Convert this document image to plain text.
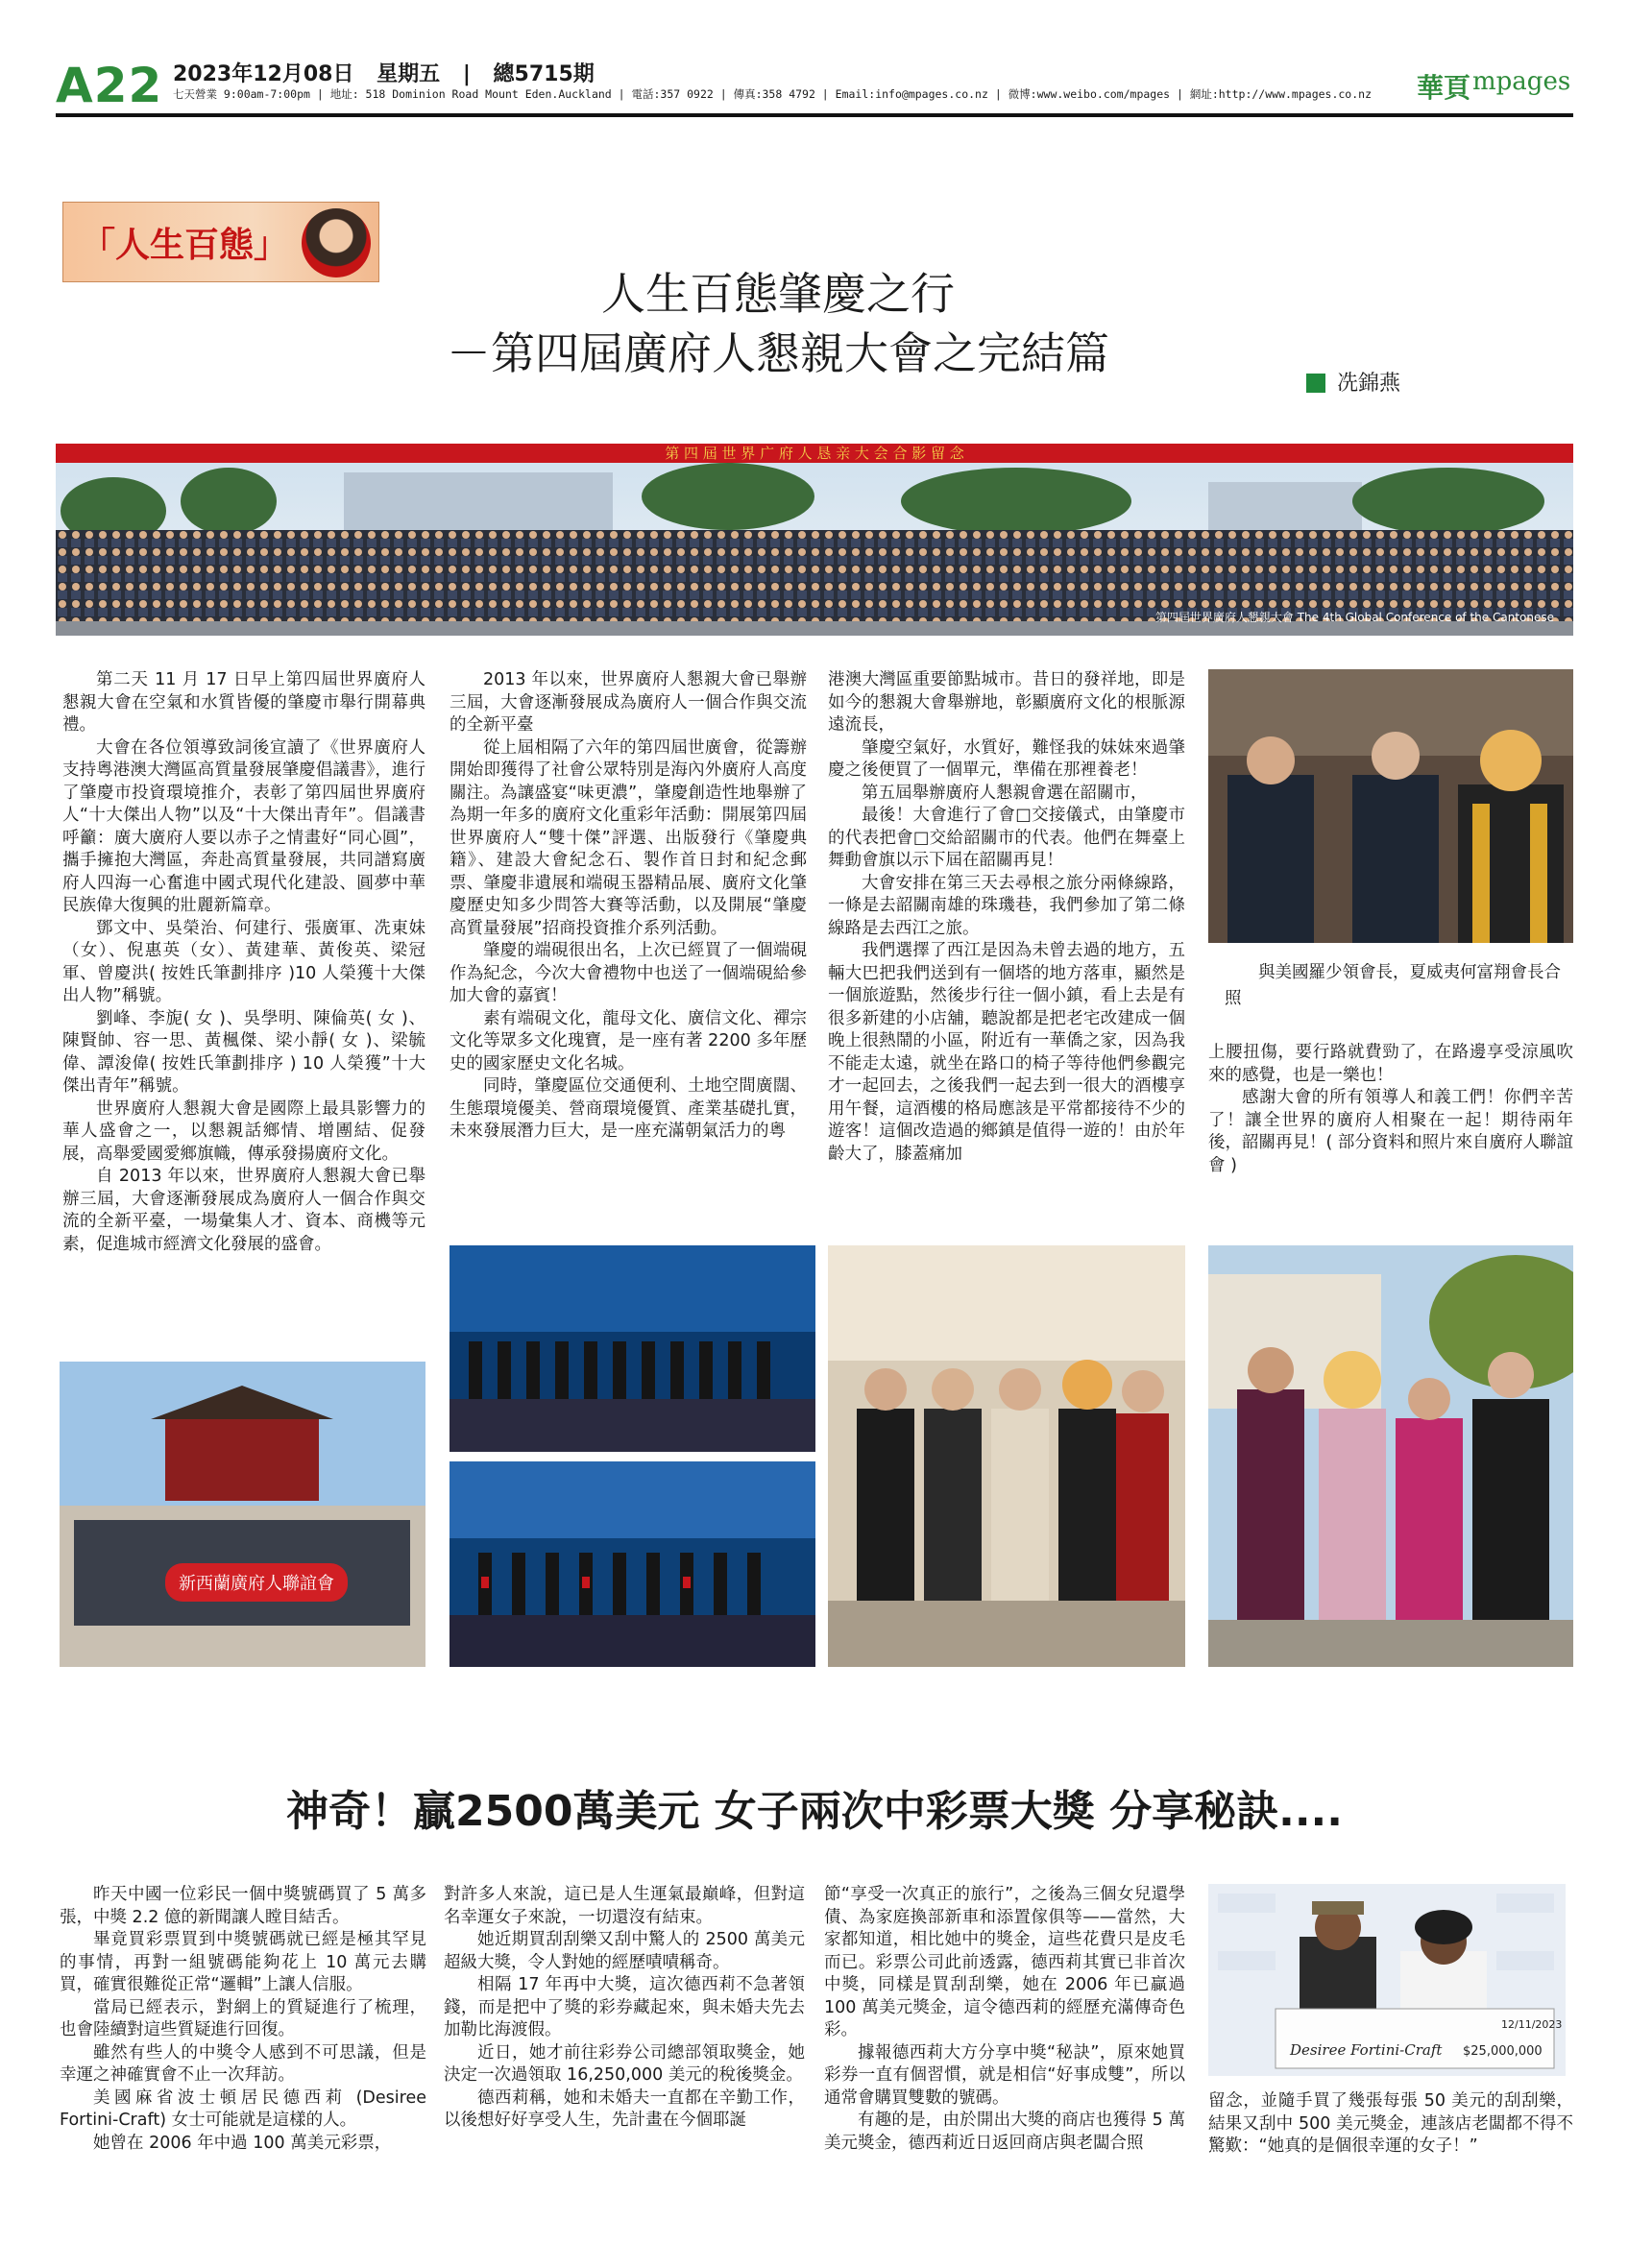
A22 2023年12月08日 星期五 | 總5715期
七天營業 9:00am-7:00pm | 地址: 518 Dominion Road Mount Eden.Auckland | 電話:357 0922 | 傳真:358 4792 | Email:info@mpages.co.nz | 微博:www.weibo.com/mpages | 網址:http://www.mpages.co.nz 華頁 mpages
「人生百態」
人生百態肇慶之行
－第四屆廣府人懇親大會之完結篇
冼錦燕
第 四 屆 世 界 广 府 人 恳 亲 大 会 合 影 留 念
第四屆世界廣府人懇親大會 The 4th Global Conference of the Cantonese

第二天 11 月 17 日早上第四屆世界廣府人懇親大會在空氣和水質皆優的肇慶市舉行開幕典禮。

大會在各位領導致詞後宣讀了《世界廣府人支持粵港澳大灣區高質量發展肇慶倡議書》，進行了肇慶市投資環境推介，表彰了第四屆世界廣府人“十大傑出人物”以及“十大傑出青年”。倡議書呼籲：廣大廣府人要以赤子之情畫好“同心圓”，攜手擁抱大灣區，奔赴高質量發展，共同譜寫廣府人四海一心奮進中國式現代化建設、圓夢中華民族偉大復興的壯麗新篇章。

鄧文中、吳榮治、何建行、張廣軍、冼東妹（女）、倪惠英（女）、黃建華、黃俊英、梁冠軍、曾慶洪( 按姓氏筆劃排序 )10 人榮獲十大傑出人物”稱號。

劉峰、李旎( 女 )、吳學明、陳倫英( 女 )、陳賢帥、容一思、黃楓傑、梁小靜( 女 )、梁毓偉、譚浚偉( 按姓氏筆劃排序 ) 10 人榮獲”十大傑出青年”稱號。

世界廣府人懇親大會是國際上最具影響力的華人盛會之一，以懇親話鄉情、增團結、促發展，高舉愛國愛鄉旗幟，傳承發揚廣府文化。

自 2013 年以來，世界廣府人懇親大會已舉辦三屆，大會逐漸發展成為廣府人一個合作與交流的全新平臺，一場彙集人才、資本、商機等元素，促進城市經濟文化發展的盛會。

2013 年以來，世界廣府人懇親大會已舉辦三屆，大會逐漸發展成為廣府人一個合作與交流的全新平臺

從上屆相隔了六年的第四屆世廣會，從籌辦開始即獲得了社會公眾特別是海內外廣府人高度關注。為讓盛宴“味更濃”，肇慶創造性地舉辦了為期一年多的廣府文化重彩年活動：開展第四屆世界廣府人“雙十傑”評選、出版發行《肇慶典籍》、建設大會紀念石、製作首日封和紀念郵票、肇慶非遺展和端硯玉器精品展、廣府文化肇慶歷史知多少問答大賽等活動，以及開展“肇慶高質量發展”招商投資推介系列活動。

肇慶的端硯很出名，上次已經買了一個端硯作為紀念，今次大會禮物中也送了一個端硯給參加大會的嘉賓！

素有端硯文化，龍母文化、廣信文化、禪宗文化等眾多文化瑰寶，是一座有著 2200 多年歷史的國家歷史文化名城。

同時，肇慶區位交通便利、土地空間廣闊、生態環境優美、營商環境優質、產業基礎扎實，未來發展潛力巨大，是一座充滿朝氣活力的粵

港澳大灣區重要節點城市。昔日的發祥地，即是如今的懇親大會舉辦地，彰顯廣府文化的根脈源遠流長，

肇慶空氣好，水質好，難怪我的妹妹來過肇慶之後便買了一個單元，準備在那裡養老！

第五屆舉辦廣府人懇親會選在韶關市，

最後！大會進行了會□交接儀式，由肇慶市的代表把會□交給韶關市的代表。他們在舞臺上舞動會旗以示下屆在韶關再見！

大會安排在第三天去尋根之旅分兩條線路，一條是去韶關南雄的珠璣巷，我們參加了第二條線路是去西江之旅。

我們選擇了西江是因為未曾去過的地方，五輛大巴把我們送到有一個塔的地方落車，顯然是一個旅遊點，然後步行往一個小鎮，看上去是有很多新建的小店舖，聽說都是把老宅改建成一個晚上很熱鬧的小區，附近有一華僑之家，因為我不能走太遠，就坐在路口的椅子等待他們參觀完才一起回去，之後我們一起去到一很大的酒樓享用午餐，這酒樓的格局應該是平常都接待不少的遊客！這個改造過的鄉鎮是值得一遊的！由於年齡大了，膝蓋痛加

與美國羅少領會長，夏威夷何富翔會長合照

上腰扭傷，要行路就費勁了，在路邊享受涼風吹來的感覺，也是一樂也！

感謝大會的所有領導人和義工們！你們辛苦了！讓全世界的廣府人相聚在一起！期待兩年後，韶關再見！( 部分資料和照片來自廣府人聯誼會 )

新西蘭廣府人聯誼會
神奇！贏2500萬美元 女子兩次中彩票大獎 分享秘訣....

昨天中國一位彩民一個中獎號碼買了 5 萬多張，中獎 2.2 億的新聞讓人瞠目結舌。

畢竟買彩票買到中獎號碼就已經是極其罕見的事情，再對一組號碼能夠花上 10 萬元去購買，確實很難從正常“邏輯”上讓人信服。

當局已經表示，對網上的質疑進行了梳理，也會陸續對這些質疑進行回復。

雖然有些人的中獎令人感到不可思議，但是幸運之神確實會不止一次拜訪。

美國麻省波士頓居民德西莉 (Desiree Fortini-Craft) 女士可能就是這樣的人。

她曾在 2006 年中過 100 萬美元彩票，

對許多人來說，這已是人生運氣最巔峰，但對這名幸運女子來說，一切還沒有結束。

她近期買刮刮樂又刮中驚人的 2500 萬美元超級大獎，令人對她的經歷嘖嘖稱奇。

相隔 17 年再中大獎，這次德西莉不急著領錢，而是把中了獎的彩券藏起來，與未婚夫先去加勒比海渡假。

近日，她才前往彩券公司總部領取獎金，她決定一次過領取 16,250,000 美元的稅後獎金。

德西莉稱，她和未婚夫一直都在辛勤工作，以後想好好享受人生，先計畫在今個耶誕

節“享受一次真正的旅行”，之後為三個女兒還學債、為家庭換部新車和添置傢俱等——當然，大家都知道，相比她中的獎金，這些花費只是皮毛而已。彩票公司此前透露，德西莉其實已非首次中獎，同樣是買刮刮樂，她在 2006 年已贏過 100 萬美元獎金，這令德西莉的經歷充滿傳奇色彩。

據報德西莉大方分享中獎“秘訣”，原來她買彩券一直有個習慣，就是相信“好事成雙”，所以通常會購買雙數的號碼。

有趣的是，由於開出大獎的商店也獲得 5 萬美元獎金，德西莉近日返回商店與老闆合照

12/11/2023
Desiree Fortini-Craft $25,000,000

留念，並隨手買了幾張每張 50 美元的刮刮樂，結果又刮中 500 美元獎金，連該店老闆都不得不驚歎：“她真的是個很幸運的女子！”
